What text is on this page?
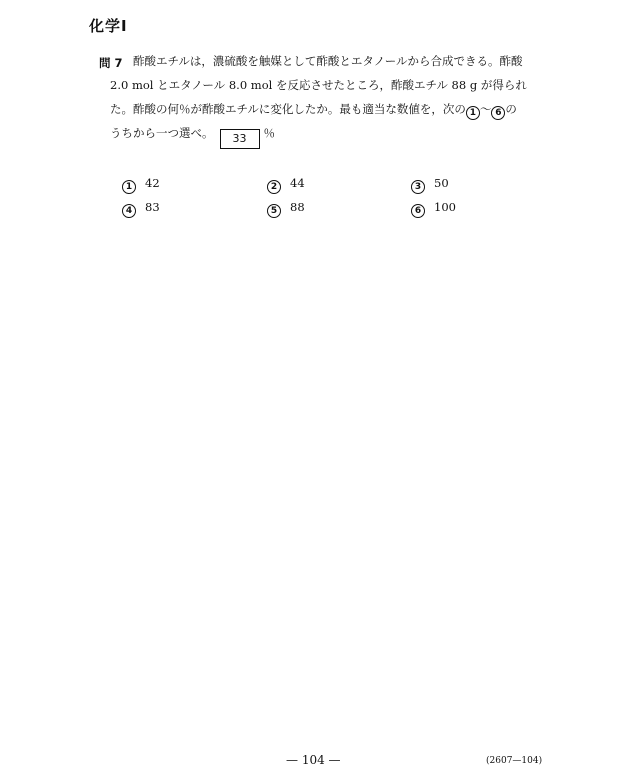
化学Ⅰ
問 7 酢酸エチルは，濃硫酸を触媒として酢酸とエタノールから合成できる。酢酸
2.0 mol とエタノール 8.0 mol を反応させたところ，酢酸エチル 88 g が得られ
た。酢酸の何％が酢酸エチルに変化したか。最も適当な数値を，次の 1 ～ 6 の
うちから一つ選べ。 33 ％
1 42	2 44	3 50
4 83	5 88	6 100
— 104 —	(2607—104)
